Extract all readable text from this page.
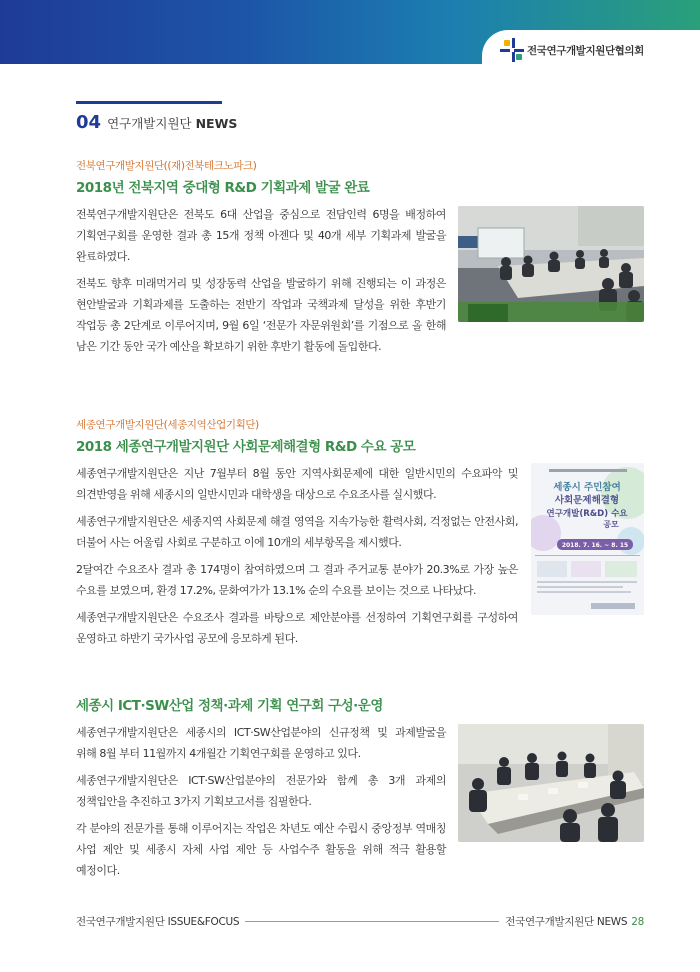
전국연구개발지원단협의회
04 연구개발지원단 NEWS
전북연구개발지원단((재)전북테크노파크)
2018년 전북지역 중대형 R&D 기획과제 발굴 완료

전북연구개발지원단은 전북도 6대 산업을 중심으로 전담인력 6명을 배정하여 기획연구회를 운영한 결과 총 15개 정책 아젠다 및 40개 세부 기획과제 발굴을 완료하였다.

전북도 향후 미래먹거리 및 성장동력 산업을 발굴하기 위해 진행되는 이 과정은 현안발굴과 기획과제를 도출하는 전반기 작업과 국책과제 달성을 위한 후반기 작업등 총 2단계로 이루어지며, 9월 6일 ‘전문가 자문위원회’를 기점으로 올 한해 남은 기간 동안 국가 예산을 확보하기 위한 후반기 활동에 돌입한다.

세종연구개발지원단(세종지역산업기획단)
2018 세종연구개발지원단 사회문제해결형 R&D 수요 공모

세종연구개발지원단은 지난 7월부터 8월 동안 지역사회문제에 대한 일반시민의 수요파악 및 의견반영을 위해 세종시의 일반시민과 대학생을 대상으로 수요조사를 실시했다.

세종연구개발지원단은 세종지역 사회문제 해결 영역을 지속가능한 활력사회, 걱정없는 안전사회, 더불어 사는 어울림 사회로 구분하고 이에 10개의 세부항목을 제시했다.

2달여간 수요조사 결과 총 174명이 참여하였으며 그 결과 주거교통 분야가 20.3%로 가장 높은 수요를 보였으며, 환경 17.2%, 문화여가가 13.1% 순의 수요를 보이는 것으로 나타났다.

세종연구개발지원단은 수요조사 결과를 바탕으로 제안분야를 선정하여 기획연구회를 구성하여 운영하고 하반기 국가사업 공모에 응모하게 된다.

세종시 주민참여
사회문제해결형
연구개발(R&D) 수요
공모
2018. 7. 16. ~ 8. 15
세종시 ICT·SW산업 정책·과제 기획 연구회 구성·운영

세종연구개발지원단은 세종시의 ICT·SW산업분야의 신규정책 및 과제발굴을 위해 8월 부터 11월까지 4개월간 기획연구회를 운영하고 있다.

세종연구개발지원단은 ICT·SW산업분야의 전문가와 함께 총 3개 과제의 정책입안을 추진하고 3가지 기획보고서를 집필한다.

각 분야의 전문가를 통해 이루어지는 작업은 차년도 예산 수립시 중앙정부 역매칭 사업 제안 및 세종시 자체 사업 제안 등 사업수주 활동을 위해 적극 활용할 예정이다.

전국연구개발지원단 ISSUE&FOCUS	전국연구개발지원단 NEWS 28
